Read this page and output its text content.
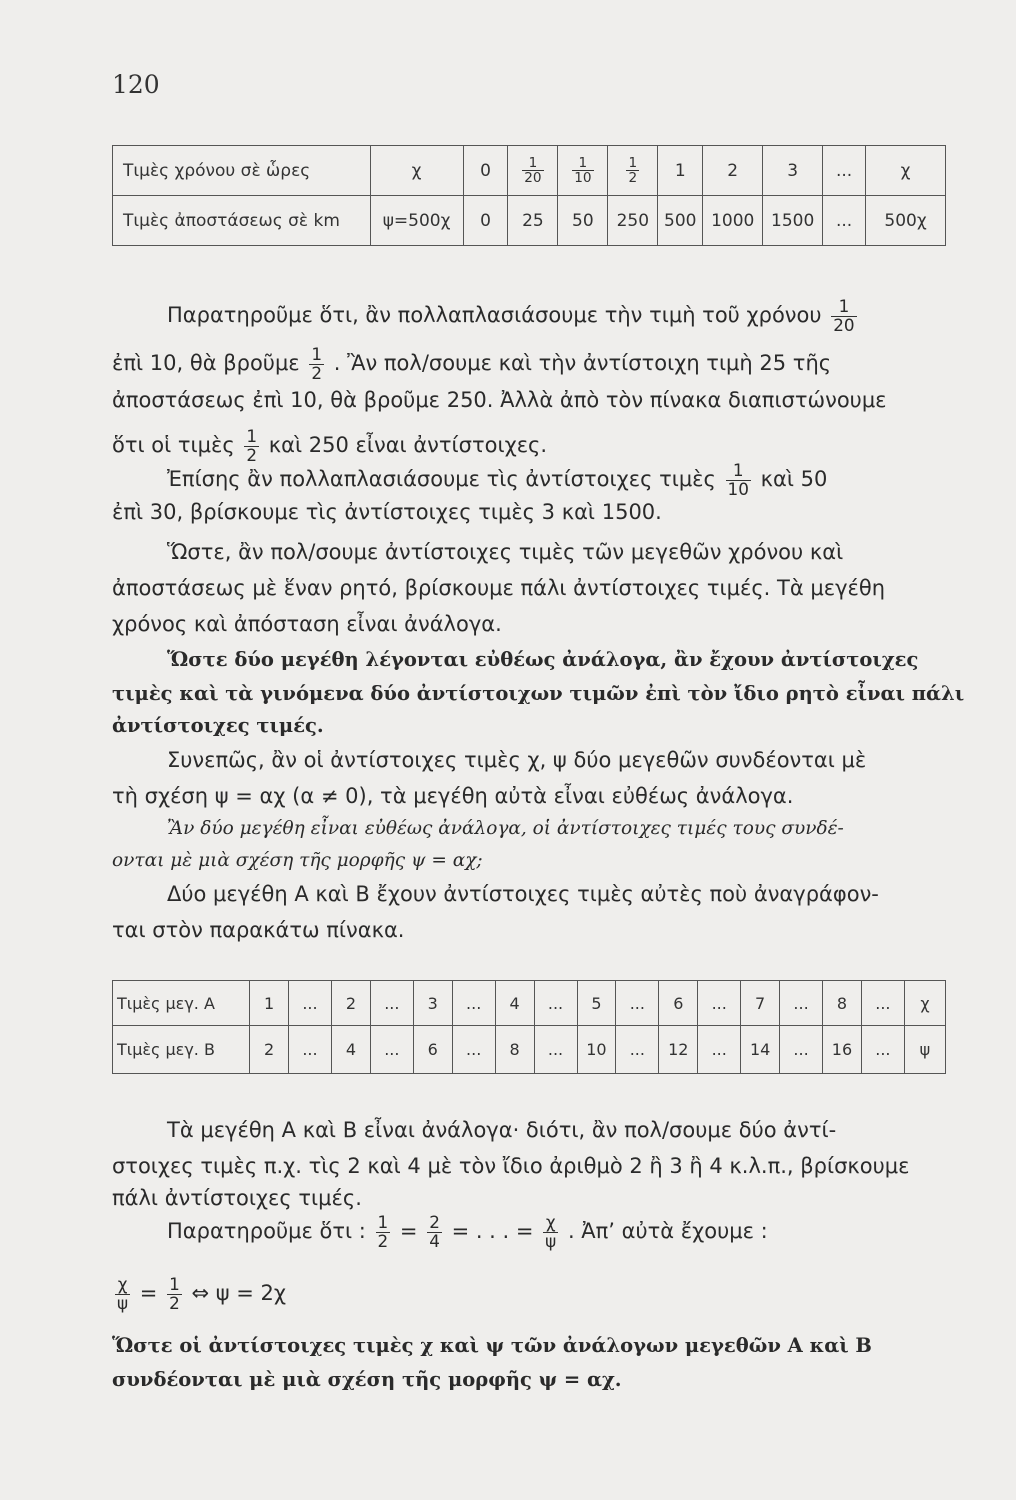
120
Τιμὲς χρόνου σὲ ὧρες	χ	0	$\frac{1}{20}$	$\frac{1}{10}$	$\frac{1}{2}$	1	2	3	...	χ
Τιμὲς ἀποστάσεως σὲ km	ψ=500χ	0	25	50	250	500	1000	1500	...	500χ
Παρατηροῦμε ὅτι, ἂν πολλαπλασιάσουμε τὴν τιμὴ τοῦ χρόνου $\frac{1}{20}$
ἐπὶ 10, θὰ βροῦμε $\frac{1}{2}$ . Ἂν πολ/σουμε καὶ τὴν ἀντίστοιχη τιμὴ 25 τῆς
ἀποστάσεως ἐπὶ 10, θὰ βροῦμε 250. Ἀλλὰ ἀπὸ τὸν πίνακα διαπιστώνουμε
ὅτι οἱ τιμὲς $\frac{1}{2}$ καὶ 250 εἶναι ἀντίστοιχες.
Ἐπίσης ἂν πολλαπλασιάσουμε τὶς ἀντίστοιχες τιμὲς $\frac{1}{10}$ καὶ 50
ἐπὶ 30, βρίσκουμε τὶς ἀντίστοιχες τιμὲς 3 καὶ 1500.
Ὥστε, ἂν πολ/σουμε ἀντίστοιχες τιμὲς τῶν μεγεθῶν χρόνου καὶ
ἀποστάσεως μὲ ἕναν ρητό, βρίσκουμε πάλι ἀντίστοιχες τιμές. Τὰ μεγέθη
χρόνος καὶ ἀπόσταση εἶναι ἀνάλογα.
Ὥστε δύο μεγέθη λέγονται εὐθέως ἀνάλογα, ἂν ἔχουν ἀντίστοιχες
τιμὲς καὶ τὰ γινόμενα δύο ἀντίστοιχων τιμῶν ἐπὶ τὸν ἴδιο ρητὸ εἶναι πάλι
ἀντίστοιχες τιμές.
Συνεπῶς, ἂν οἱ ἀντίστοιχες τιμὲς χ, ψ δύο μεγεθῶν συνδέονται μὲ
τὴ σχέση ψ = αχ (α ≠ 0), τὰ μεγέθη αὐτὰ εἶναι εὐθέως ἀνάλογα.
Ἂν δύο μεγέθη εἶναι εὐθέως ἀνάλογα, οἱ ἀντίστοιχες τιμές τους συνδέ-
ονται μὲ μιὰ σχέση τῆς μορφῆς ψ = αχ;
Δύο μεγέθη Α καὶ Β ἔχουν ἀντίστοιχες τιμὲς αὐτὲς ποὺ ἀναγράφον-
ται στὸν παρακάτω πίνακα.
Τιμὲς μεγ. Α	1	...	2	...	3	...	4	...	5	...	6	...	7	...	8	...	χ
Τιμὲς μεγ. Β	2	...	4	...	6	...	8	...	10	...	12	...	14	...	16	...	ψ
Τὰ μεγέθη Α καὶ Β εἶναι ἀνάλογα· διότι, ἂν πολ/σουμε δύο ἀντί-
στοιχες τιμὲς π.χ. τὶς 2 καὶ 4 μὲ τὸν ἴδιο ἀριθμὸ 2 ἢ 3 ἢ 4 κ.λ.π., βρίσκουμε
πάλι ἀντίστοιχες τιμές.
Παρατηροῦμε ὅτι : $\frac{1}{2} = \frac{2}{4}$ = . . . = $\frac{\chi}{\psi}$ . Ἀπ’ αὐτὰ ἔχουμε :
$\frac{\chi}{\psi} = \frac{1}{2}$ ⇔ ψ = 2χ
Ὥστε οἱ ἀντίστοιχες τιμὲς χ καὶ ψ τῶν ἀνάλογων μεγεθῶν Α καὶ Β
συνδέονται μὲ μιὰ σχέση τῆς μορφῆς ψ = αχ.
